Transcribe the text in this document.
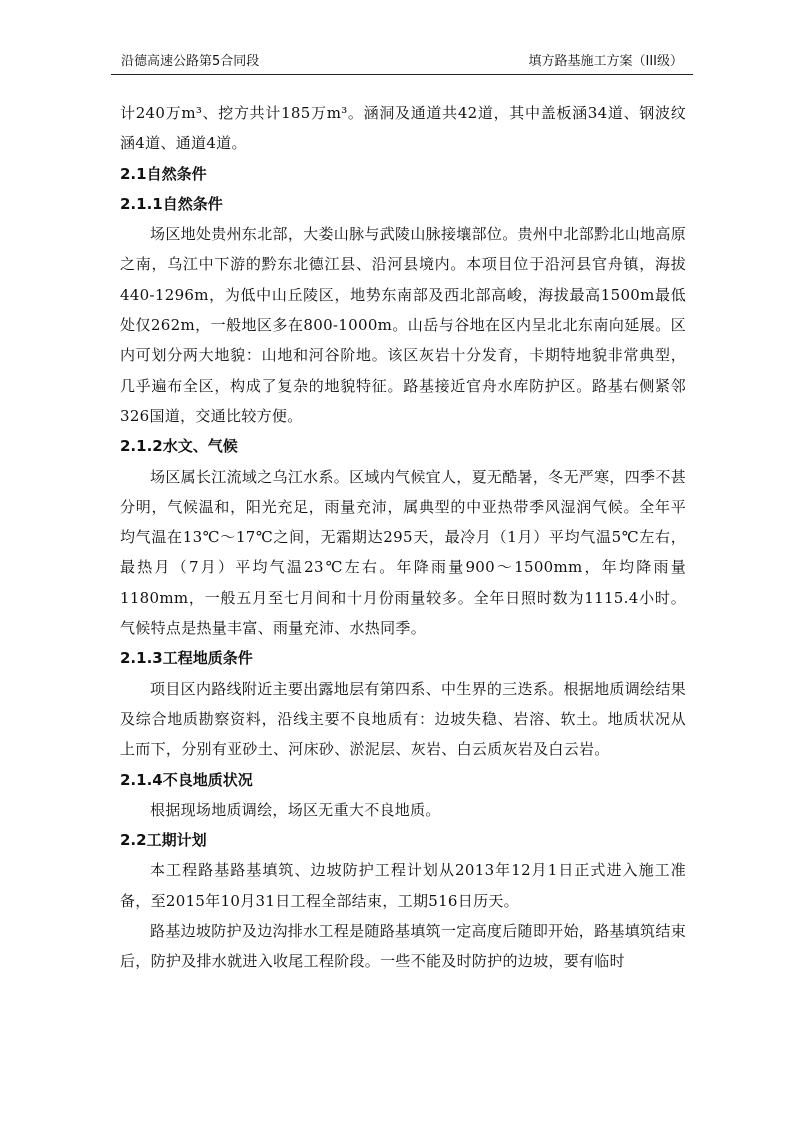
沿德高速公路第5合同段	填方路基施工方案（III级）

计240万m³、挖方共计185万m³。涵洞及通道共42道，其中盖板涵34道、钢波纹涵4道、通道4道。

2.1自然条件

2.1.1自然条件

场区地处贵州东北部，大娄山脉与武陵山脉接壤部位。贵州中北部黔北山地高原之南，乌江中下游的黔东北德江县、沿河县境内。本项目位于沿河县官舟镇，海拔440-1296m，为低中山丘陵区，地势东南部及西北部高峻，海拔最高1500m最低处仅262m，一般地区多在800-1000m。山岳与谷地在区内呈北北东南向延展。区内可划分两大地貌：山地和河谷阶地。该区灰岩十分发育，卡期特地貌非常典型，几乎遍布全区，构成了复杂的地貌特征。路基接近官舟水库防护区。路基右侧紧邻326国道，交通比较方便。

2.1.2水文、气候

场区属长江流域之乌江水系。区域内气候宜人，夏无酷暑，冬无严寒，四季不甚分明，气候温和，阳光充足，雨量充沛，属典型的中亚热带季风湿润气候。全年平均气温在13℃～17℃之间，无霜期达295天，最冷月（1月）平均气温5℃左右，最热月（7月）平均气温23℃左右。年降雨量900～1500mm，年均降雨量1180mm，一般五月至七月间和十月份雨量较多。全年日照时数为1115.4小时。气候特点是热量丰富、雨量充沛、水热同季。

2.1.3工程地质条件

项目区内路线附近主要出露地层有第四系、中生界的三迭系。根据地质调绘结果及综合地质勘察资料，沿线主要不良地质有：边坡失稳、岩溶、软土。地质状况从上而下，分别有亚砂土、河床砂、淤泥层、灰岩、白云质灰岩及白云岩。

2.1.4不良地质状况

根据现场地质调绘，场区无重大不良地质。

2.2工期计划

本工程路基路基填筑、边坡防护工程计划从2013年12月1日正式进入施工准备，至2015年10月31日工程全部结束，工期516日历天。

路基边坡防护及边沟排水工程是随路基填筑一定高度后随即开始，路基填筑结束后，防护及排水就进入收尾工程阶段。一些不能及时防护的边坡，要有临时
